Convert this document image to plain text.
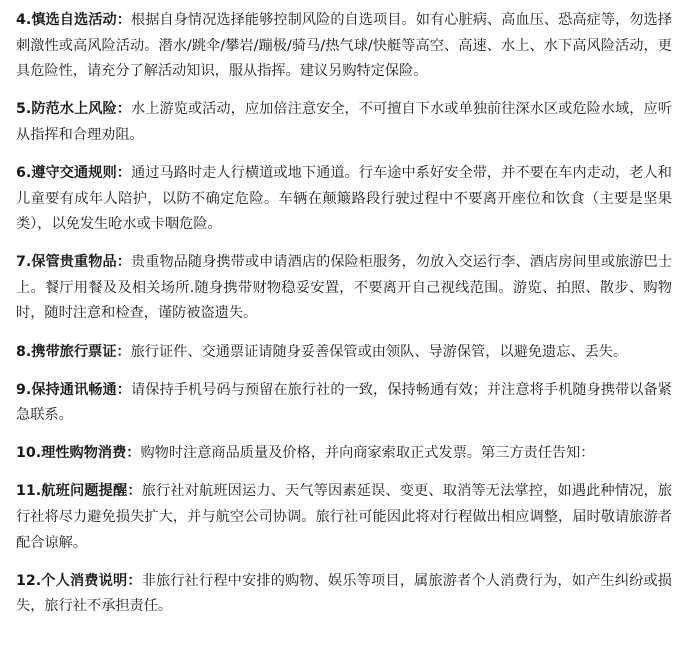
4.慎选自选活动：根据自身情况选择能够控制风险的自选项目。如有心脏病、高血压、恐高症等，勿选择刺激性或高风险活动。潜水/跳伞/攀岩/蹦极/骑马/热气球/快艇等高空、高速、水上、水下高风险活动，更具危险性，请充分了解活动知识，服从指挥。建议另购特定保险。

5.防范水上风险：水上游览或活动，应加倍注意安全，不可擅自下水或单独前往深水区或危险水域，应听从指挥和合理劝阻。

6.遵守交通规则：通过马路时走人行横道或地下通道。行车途中系好安全带，并不要在车内走动，老人和儿童要有成年人陪护，以防不确定危险。车辆在颠簸路段行驶过程中不要离开座位和饮食（主要是坚果类），以免发生呛水或卡咽危险。

7.保管贵重物品：贵重物品随身携带或申请酒店的保险柜服务，勿放入交运行李、酒店房间里或旅游巴士上。餐厅用餐及及相关场所.随身携带财物稳妥安置，不要离开自己视线范围。游览、拍照、散步、购物时，随时注意和检查，谨防被盗遗失。

8.携带旅行票证：旅行证件、交通票证请随身妥善保管或由领队、导游保管，以避免遗忘、丢失。

9.保持通讯畅通：请保持手机号码与预留在旅行社的一致，保持畅通有效；并注意将手机随身携带以备紧急联系。

10.理性购物消费：购物时注意商品质量及价格，并向商家索取正式发票。第三方责任告知：

11.航班问题提醒：旅行社对航班因运力、天气等因素延误、变更、取消等无法掌控，如遇此种情况，旅行社将尽力避免损失扩大，并与航空公司协调。旅行社可能因此将对行程做出相应调整，届时敬请旅游者配合谅解。

12.个人消费说明：非旅行社行程中安排的购物、娱乐等项目，属旅游者个人消费行为，如产生纠纷或损失，旅行社不承担责任。
